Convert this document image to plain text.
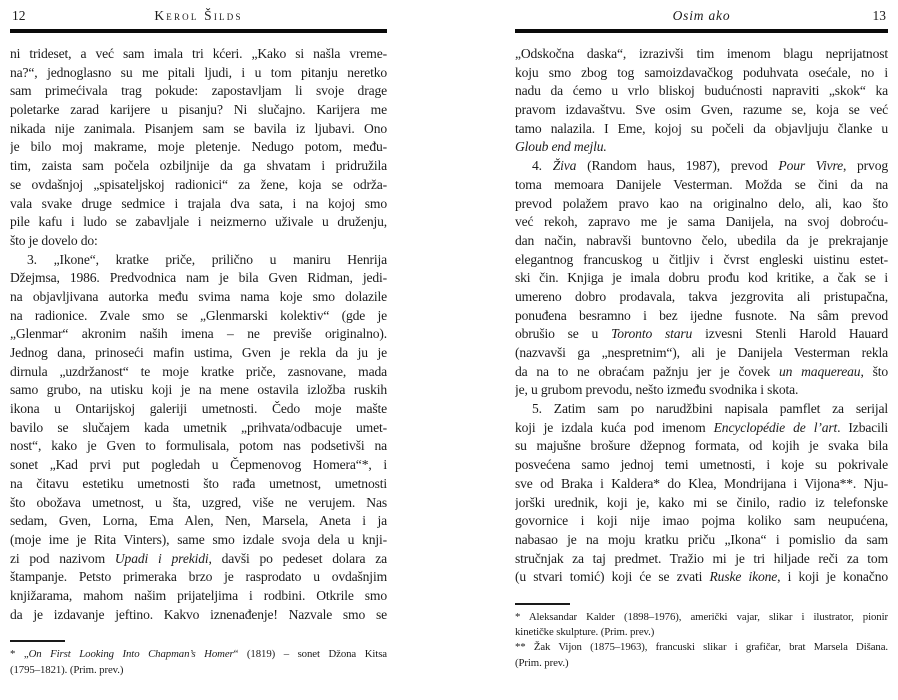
12	Kerol Šilds
ni trideset, a već sam imala tri kćeri. „Kako si našla vreme-
na?“, jednoglasno su me pitali ljudi, i u tom pitanju neretko
sam primećivala trag pokude: zapostavljam li svoje drage
poletarke zarad karijere u pisanju? Ni slučajno. Karijera me
nikada nije zanimala. Pisanjem sam se bavila iz ljubavi. Ono
je bilo moj makrame, moje pletenje. Nedugo potom, među-
tim, zaista sam počela ozbiljnije da ga shvatam i pridružila
se ovdašnjoj „spisateljskoj radionici“ za žene, koja se održa-
vala svake druge sedmice i trajala dva sata, i na kojoj smo
pile kafu i ludo se zabavljale i neizmerno uživale u druženju,
što je dovelo do:
3. „Ikone“, kratke priče, prilično u maniru Henrija
Džejmsa, 1986. Predvodnica nam je bila Gven Ridman, jedi-
na objavljivana autorka među svima nama koje smo dolazile
na radionice. Zvale smo se „Glenmarski kolektiv“ (gde je
„Glenmar“ akronim naših imena – ne previše originalno).
Jednog dana, prinoseći mafin ustima, Gven je rekla da ju je
dirnula „uzdržanost“ te moje kratke priče, zasnovane, mada
samo grubo, na utisku koji je na mene ostavila izložba ruskih
ikona u Ontarijskoj galeriji umetnosti. Čedo moje mašte
bavilo se slučajem kada umetnik „prihvata/odbacuje umet-
nost“, kako je Gven to formulisala, potom nas podsetivši na
sonet „Kad prvi put pogledah u Čepmenovog Homera“*, i
na čitavu estetiku umetnosti što rađa umetnost, umetnosti
što obožava umetnost, u šta, uzgred, više ne verujem. Nas
sedam, Gven, Lorna, Ema Alen, Nen, Marsela, Aneta i ja
(moje ime je Rita Vinters), same smo izdale svoja dela u knji-
zi pod nazivom Upadi i prekidi, davši po pedeset dolara za
štampanje. Petsto primeraka brzo je rasprodato u ovdašnjim
knjižarama, mahom našim prijateljima i rodbini. Otkrile smo
da je izdavanje jeftino. Kakvo iznenađenje! Nazvale smo se
* „On First Looking Into Chapman’s Homer“ (1819) – sonet Džona Kitsa
(1795–1821). (Prim. prev.)
Osim ako	13
„Odskočna daska“, izrazivši tim imenom blagu neprijatnost
koju smo zbog tog samoizdavačkog poduhvata osećale, no i
nadu da ćemo u vrlo bliskoj budućnosti napraviti „skok“ ka
pravom izdavaštvu. Sve osim Gven, razume se, koja se već
tamo nalazila. I Eme, kojoj su počeli da objavljuju članke u
Gloub end mejlu.
4. Živa (Random haus, 1987), prevod Pour Vivre, prvog
toma memoara Danijele Vesterman. Možda se čini da na
prevod polažem pravo kao na originalno delo, ali, kao što
već rekoh, zapravo me je sama Danijela, na svoj dobroću-
dan način, nabravši buntovno čelo, ubedila da je prekrajanje
elegantnog francuskog u čitljiv i čvrst engleski uistinu estet-
ski čin. Knjiga je imala dobru prođu kod kritike, a čak se i
umereno dobro prodavala, takva jezgrovita ali pristupačna,
ponuđena besramno i bez ijedne fusnote. Na sâm prevod
obrušio se u Toronto staru izvesni Stenli Harold Hauard
(nazvavši ga „nespretnim“), ali je Danijela Vesterman rekla
da na to ne obraćam pažnju jer je čovek un maquereau, što
je, u grubom prevodu, nešto između svodnika i skota.
5. Zatim sam po narudžbini napisala pamflet za serijal
koji je izdala kuća pod imenom Encyclopédie de l’art. Izbacili
su majušne brošure džepnog formata, od kojih je svaka bila
posvećena samo jednoj temi umetnosti, i koje su pokrivale
sve od Braka i Kaldera* do Klea, Mondrijana i Vijona**. Nju-
jorški urednik, koji je, kako mi se činilo, radio iz telefonske
govornice i koji nije imao pojma koliko sam neupućena,
nabasao je na moju kratku priču „Ikona“ i pomislio da sam
stručnjak za taj predmet. Tražio mi je tri hiljade reči za tom
(u stvari tomić) koji će se zvati Ruske ikone, i koji je konačno
* Aleksandar Kalder (1898–1976), američki vajar, slikar i ilustrator, pionir
kinetičke skulpture. (Prim. prev.)
** Žak Vijon (1875–1963), francuski slikar i grafičar, brat Marsela Dišana.
(Prim. prev.)
